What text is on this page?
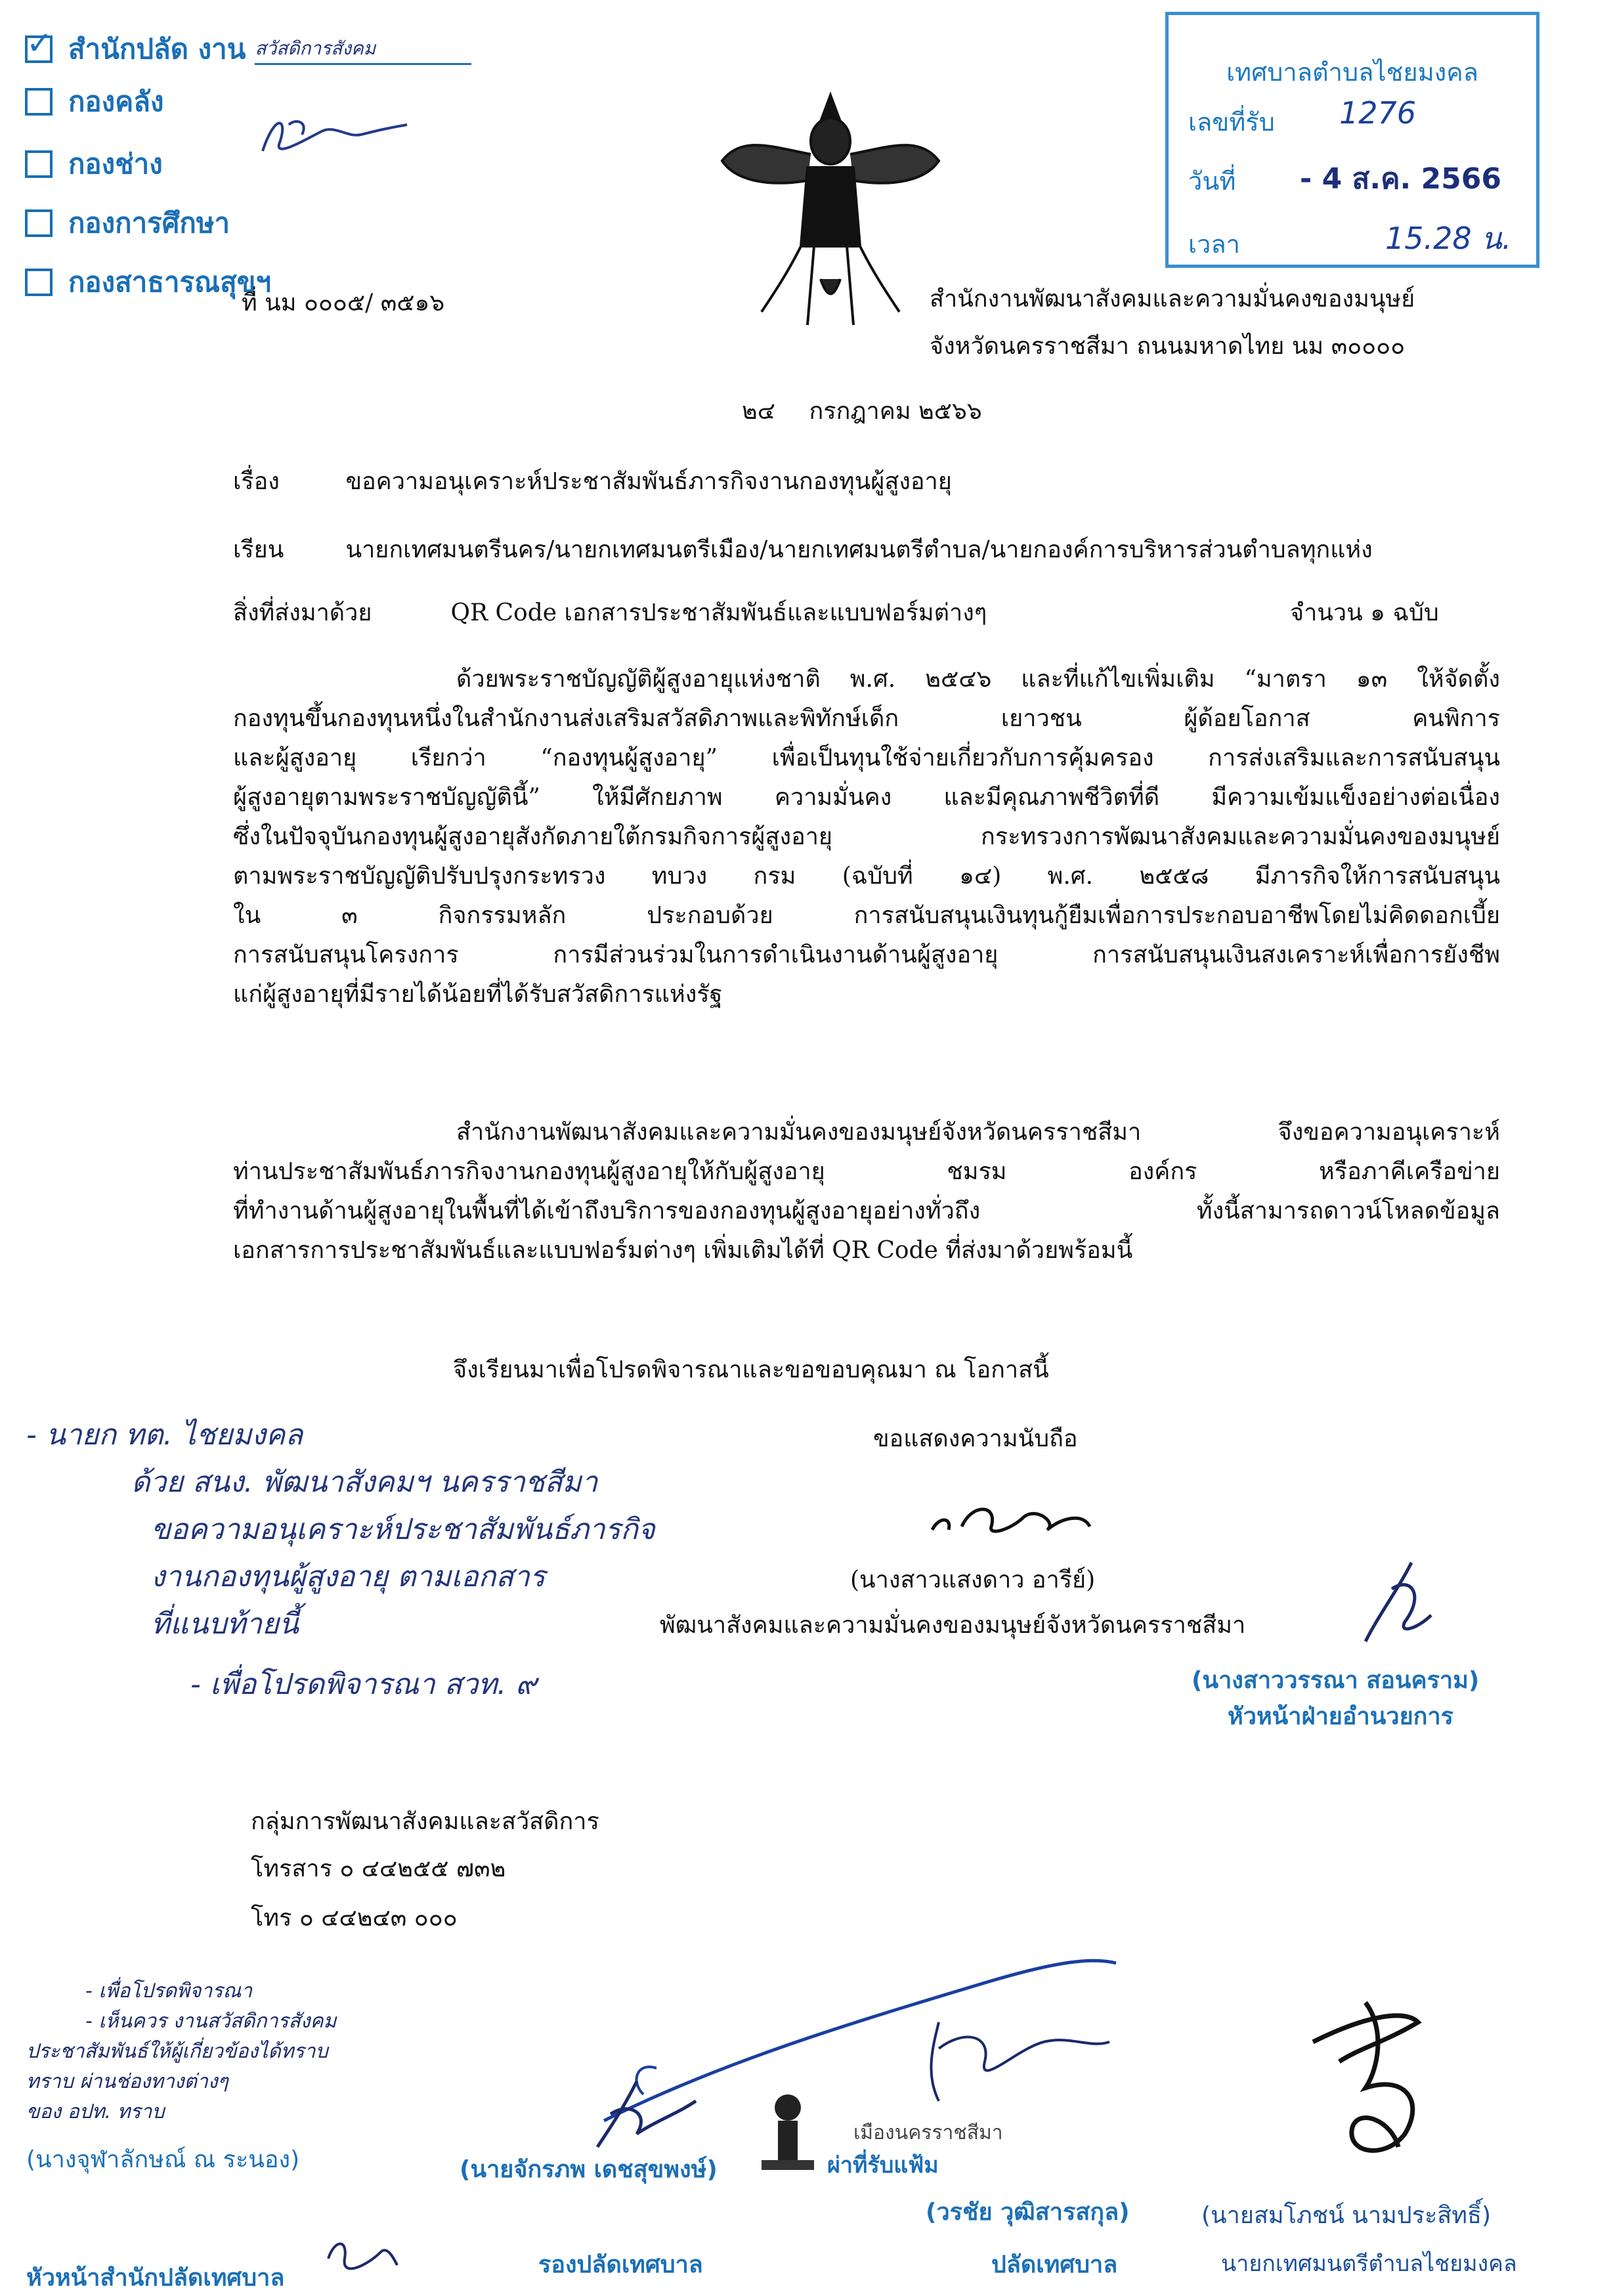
✓
สำนักปลัด งาน สวัสดิการสังคม
กองคลัง
กองช่าง
กองการศึกษา
กองสาธารณสุขฯ
เทศบาลตำบลไชยมงคล
เลขที่รับ 1276
วันที่ - 4 ส.ค. 2566
เวลา	15.28 น.
ที่ นม ๐๐๐๕/ ๓๕๑๖	สำนักงานพัฒนาสังคมและความมั่นคงของมนุษย์
จังหวัดนครราชสีมา ถนนมหาดไทย นม ๓๐๐๐๐
๒๔ กรกฎาคม ๒๕๖๖
เรื่อง	ขอความอนุเคราะห์ประชาสัมพันธ์ภารกิจงานกองทุนผู้สูงอายุ
เรียน	นายกเทศมนตรีนคร/นายกเทศมนตรีเมือง/นายกเทศมนตรีตำบล/นายกองค์การบริหารส่วนตำบลทุกแห่ง
สิ่งที่ส่งมาด้วย	QR Code เอกสารประชาสัมพันธ์และแบบฟอร์มต่างๆ	จำนวน ๑ ฉบับ
ด้วยพระราชบัญญัติผู้สูงอายุแห่งชาติ พ.ศ. ๒๕๔๖ และที่แก้ไขเพิ่มเติม “มาตรา ๑๓ ให้จัดตั้ง
กองทุนขึ้นกองทุนหนึ่งในสำนักงานส่งเสริมสวัสดิภาพและพิทักษ์เด็ก เยาวชน ผู้ด้อยโอกาส คนพิการ
และผู้สูงอายุ เรียกว่า “กองทุนผู้สูงอายุ” เพื่อเป็นทุนใช้จ่ายเกี่ยวกับการคุ้มครอง การส่งเสริมและการสนับสนุน
ผู้สูงอายุตามพระราชบัญญัตินี้” ให้มีศักยภาพ ความมั่นคง และมีคุณภาพชีวิตที่ดี มีความเข้มแข็งอย่างต่อเนื่อง
ซึ่งในปัจจุบันกองทุนผู้สูงอายุสังกัดภายใต้กรมกิจการผู้สูงอายุ กระทรวงการพัฒนาสังคมและความมั่นคงของมนุษย์
ตามพระราชบัญญัติปรับปรุงกระทรวง ทบวง กรม (ฉบับที่ ๑๔) พ.ศ. ๒๕๕๘ มีภารกิจให้การสนับสนุน
ใน ๓ กิจกรรมหลัก ประกอบด้วย การสนับสนุนเงินทุนกู้ยืมเพื่อการประกอบอาชีพโดยไม่คิดดอกเบี้ย
การสนับสนุนโครงการ การมีส่วนร่วมในการดำเนินงานด้านผู้สูงอายุ การสนับสนุนเงินสงเคราะห์เพื่อการยังชีพ
แก่ผู้สูงอายุที่มีรายได้น้อยที่ได้รับสวัสดิการแห่งรัฐ
สำนักงานพัฒนาสังคมและความมั่นคงของมนุษย์จังหวัดนครราชสีมา จึงขอความอนุเคราะห์
ท่านประชาสัมพันธ์ภารกิจงานกองทุนผู้สูงอายุให้กับผู้สูงอายุ ชมรม องค์กร หรือภาคีเครือข่าย
ที่ทำงานด้านผู้สูงอายุในพื้นที่ได้เข้าถึงบริการของกองทุนผู้สูงอายุอย่างทั่วถึง ทั้งนี้สามารถดาวน์โหลดข้อมูล
เอกสารการประชาสัมพันธ์และแบบฟอร์มต่างๆ เพิ่มเติมได้ที่ QR Code ที่ส่งมาด้วยพร้อมนี้
จึงเรียนมาเพื่อโปรดพิจารณาและขอขอบคุณมา ณ โอกาสนี้
ขอแสดงความนับถือ
(นางสาวแสงดาว อารีย์)
พัฒนาสังคมและความมั่นคงของมนุษย์จังหวัดนครราชสีมา
(นางสาววรรณา สอนคราม)
หัวหน้าฝ่ายอำนวยการ
- นายก ทต. ไชยมงคล
ด้วย สนง. พัฒนาสังคมฯ นครราชสีมา
ขอความอนุเคราะห์ประชาสัมพันธ์ภารกิจ
งานกองทุนผู้สูงอายุ ตามเอกสาร
ที่แนบท้ายนี้
- เพื่อโปรดพิจารณา สวท. ๙
กลุ่มการพัฒนาสังคมและสวัสดิการ
โทรสาร ๐ ๔๔๒๕๕ ๗๓๒
โทร ๐ ๔๔๒๔๓ ๐๐๐
- เพื่อโปรดพิจารณา
- เห็นควร งานสวัสดิการสังคม
ประชาสัมพันธ์ให้ผู้เกี่ยวข้องได้ทราบ
ทราบ ผ่านช่องทางต่างๆ
ของ อปท. ทราบ
(นางจุฬาลักษณ์ ณ ระนอง)
หัวหน้าสำนักปลัดเทศบาล
(นายจักรภพ เดชสุขพงษ์)
รองปลัดเทศบาล
เมืองนครราชสีมา
ผ่าที่รับแฟ้ม
(วรชัย วุฒิสารสกุล)
ปลัดเทศบาล
(นายสมโภชน์ นามประสิทธิ์)
นายกเทศมนตรีตำบลไชยมงคล
